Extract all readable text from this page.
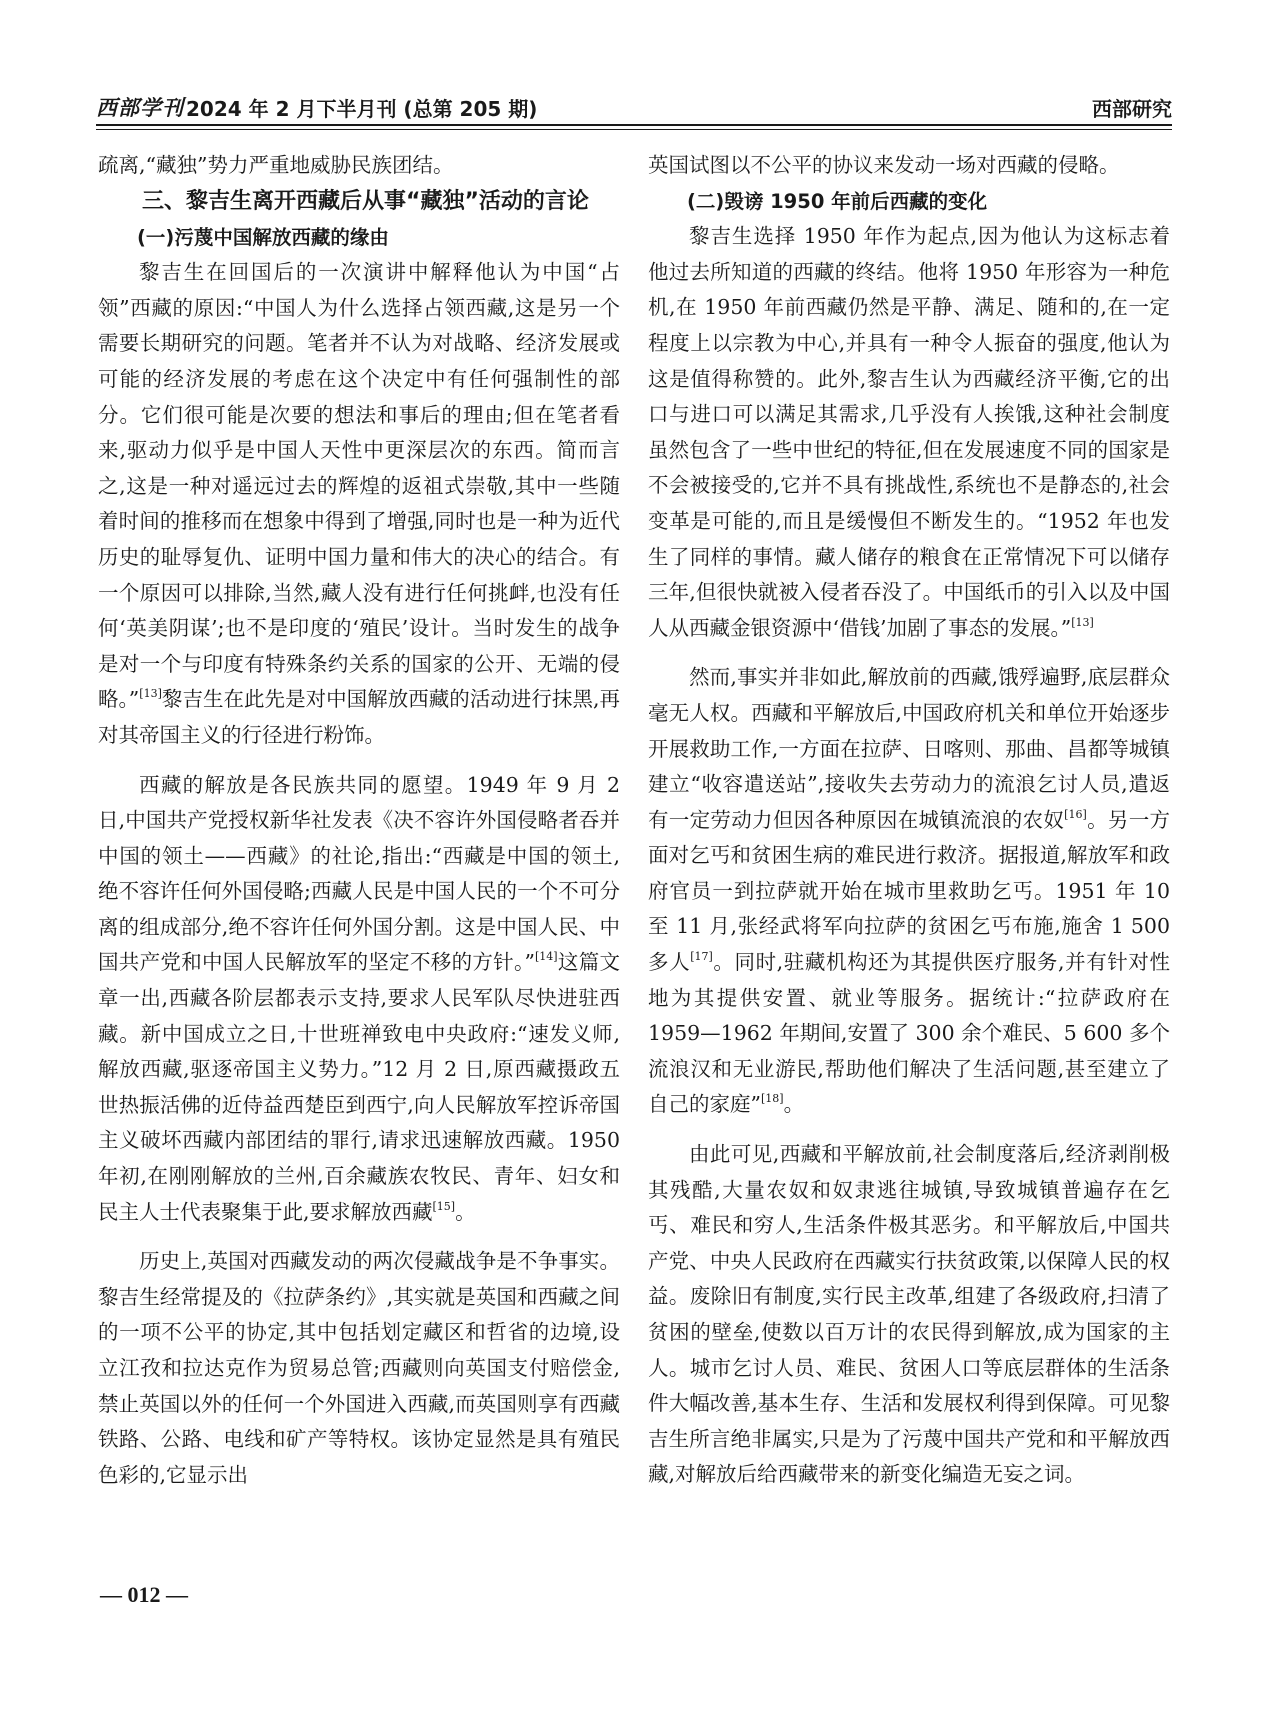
西部学刊 2024 年 2 月下半月刊 (总第 205 期)	西部研究

疏离,“藏独”势力严重地威胁民族团结。

三、黎吉生离开西藏后从事“藏独”活动的言论

(一)污蔑中国解放西藏的缘由

黎吉生在回国后的一次演讲中解释他认为中国“占领”西藏的原因:“中国人为什么选择占领西藏,这是另一个需要长期研究的问题。笔者并不认为对战略、经济发展或可能的经济发展的考虑在这个决定中有任何强制性的部分。它们很可能是次要的想法和事后的理由;但在笔者看来,驱动力似乎是中国人天性中更深层次的东西。简而言之,这是一种对遥远过去的辉煌的返祖式崇敬,其中一些随着时间的推移而在想象中得到了增强,同时也是一种为近代历史的耻辱复仇、证明中国力量和伟大的决心的结合。有一个原因可以排除,当然,藏人没有进行任何挑衅,也没有任何‘英美阴谋’;也不是印度的‘殖民’设计。当时发生的战争是对一个与印度有特殊条约关系的国家的公开、无端的侵略。”[13]黎吉生在此先是对中国解放西藏的活动进行抹黑,再对其帝国主义的行径进行粉饰。

西藏的解放是各民族共同的愿望。1949 年 9 月 2 日,中国共产党授权新华社发表《决不容许外国侵略者吞并中国的领土——西藏》的社论,指出:“西藏是中国的领土,绝不容许任何外国侵略;西藏人民是中国人民的一个不可分离的组成部分,绝不容许任何外国分割。这是中国人民、中国共产党和中国人民解放军的坚定不移的方针。”[14]这篇文章一出,西藏各阶层都表示支持,要求人民军队尽快进驻西藏。新中国成立之日,十世班禅致电中央政府:“速发义师,解放西藏,驱逐帝国主义势力。”12 月 2 日,原西藏摄政五世热振活佛的近侍益西楚臣到西宁,向人民解放军控诉帝国主义破坏西藏内部团结的罪行,请求迅速解放西藏。1950 年初,在刚刚解放的兰州,百余藏族农牧民、青年、妇女和民主人士代表聚集于此,要求解放西藏[15]。

历史上,英国对西藏发动的两次侵藏战争是不争事实。黎吉生经常提及的《拉萨条约》,其实就是英国和西藏之间的一项不公平的协定,其中包括划定藏区和哲省的边境,设立江孜和拉达克作为贸易总管;西藏则向英国支付赔偿金,禁止英国以外的任何一个外国进入西藏,而英国则享有西藏铁路、公路、电线和矿产等特权。该协定显然是具有殖民色彩的,它显示出

英国试图以不公平的协议来发动一场对西藏的侵略。

(二)毁谤 1950 年前后西藏的变化

黎吉生选择 1950 年作为起点,因为他认为这标志着他过去所知道的西藏的终结。他将 1950 年形容为一种危机,在 1950 年前西藏仍然是平静、满足、随和的,在一定程度上以宗教为中心,并具有一种令人振奋的强度,他认为这是值得称赞的。此外,黎吉生认为西藏经济平衡,它的出口与进口可以满足其需求,几乎没有人挨饿,这种社会制度虽然包含了一些中世纪的特征,但在发展速度不同的国家是不会被接受的,它并不具有挑战性,系统也不是静态的,社会变革是可能的,而且是缓慢但不断发生的。“1952 年也发生了同样的事情。藏人储存的粮食在正常情况下可以储存三年,但很快就被入侵者吞没了。中国纸币的引入以及中国人从西藏金银资源中‘借钱’加剧了事态的发展。”[13]

然而,事实并非如此,解放前的西藏,饿殍遍野,底层群众毫无人权。西藏和平解放后,中国政府机关和单位开始逐步开展救助工作,一方面在拉萨、日喀则、那曲、昌都等城镇建立“收容遣送站”,接收失去劳动力的流浪乞讨人员,遣返有一定劳动力但因各种原因在城镇流浪的农奴[16]。另一方面对乞丐和贫困生病的难民进行救济。据报道,解放军和政府官员一到拉萨就开始在城市里救助乞丐。1951 年 10 至 11 月,张经武将军向拉萨的贫困乞丐布施,施舍 1 500 多人[17]。同时,驻藏机构还为其提供医疗服务,并有针对性地为其提供安置、就业等服务。据统计:“拉萨政府在 1959—1962 年期间,安置了 300 余个难民、5 600 多个流浪汉和无业游民,帮助他们解决了生活问题,甚至建立了自己的家庭”[18]。

由此可见,西藏和平解放前,社会制度落后,经济剥削极其残酷,大量农奴和奴隶逃往城镇,导致城镇普遍存在乞丐、难民和穷人,生活条件极其恶劣。和平解放后,中国共产党、中央人民政府在西藏实行扶贫政策,以保障人民的权益。废除旧有制度,实行民主改革,组建了各级政府,扫清了贫困的壁垒,使数以百万计的农民得到解放,成为国家的主人。城市乞讨人员、难民、贫困人口等底层群体的生活条件大幅改善,基本生存、生活和发展权利得到保障。可见黎吉生所言绝非属实,只是为了污蔑中国共产党和和平解放西藏,对解放后给西藏带来的新变化编造无妄之词。

— 012 —
